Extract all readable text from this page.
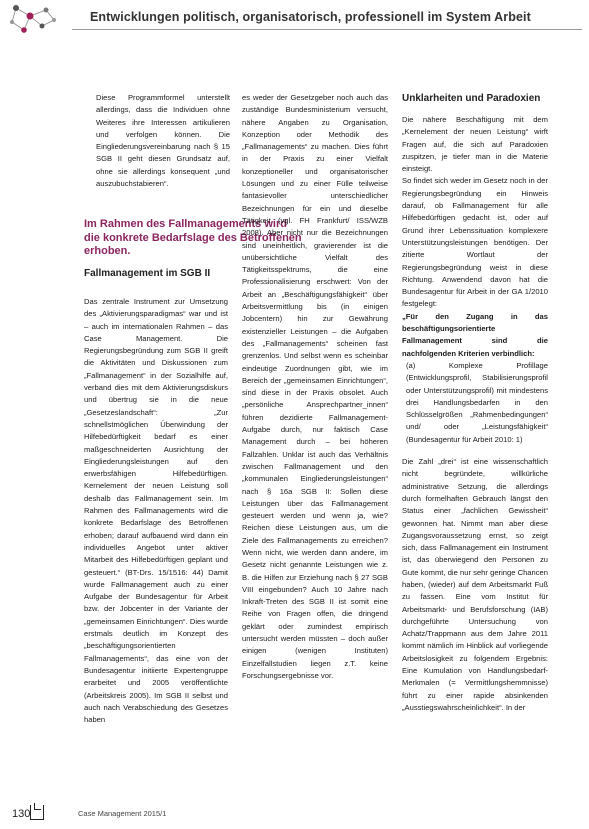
Entwicklungen politisch, organisatorisch, professionell im System Arbeit

Diese Programmformel unterstellt allerdings, dass die Individuen ohne Weiteres ihre Interessen artikulieren und verfolgen können. Die Eingliederungsvereinbarung nach § 15 SGB II geht diesen Grundsatz auf, ohne sie allerdings konsequent „und auszubuchstabieren“.

Im Rahmen des Fallmanagements wird die konkrete Bedarfslage des Betroffenen erhoben.
Fallmanagement im SGB II

Das zentrale Instrument zur Umsetzung des „Aktivierungsparadigmas“ war und ist – auch im internationalen Rahmen – das Case Management. Die Regierungsbegründung zum SGB II greift die Aktivitäten und Diskussionen zum „Fallmanagement“ in der Sozialhilfe auf, verband dies mit dem Aktivierungsdiskurs und übertrug sie in die neue „Gesetzeslandschaft“: „Zur schnellstmöglichen Überwindung der Hilfebedürftigkeit bedarf es einer maßgeschneiderten Ausrichtung der Eingliederungsleistungen auf den erwerbsfähigen Hilfebedürftigen. Kernelement der neuen Leistung soll deshalb das Fallmanagement sein. Im Rahmen des Fallmanagements wird die konkrete Bedarfslage des Betroffenen erhoben; darauf aufbauend wird dann ein individuelles Angebot unter aktiver Mitarbeit des Hilfebedürftigen geplant und gesteuert.“ (BT-Drs. 15/1516: 44) Damit wurde Fallmanagement auch zu einer Aufgabe der Bundesagentur für Arbeit bzw. der Jobcenter in der Variante der „gemeinsamen Einrichtungen“. Dies wurde erstmals deutlich im Konzept des „beschäftigungsorientierten Fallmanagements“, das eine von der Bundesagentur initiierte Expertengruppe erarbeitet und 2005 veröffentlichte (Arbeitskreis 2005). Im SGB II selbst und auch nach Verabschiedung des Gesetzes haben

es weder der Gesetzgeber noch auch das zuständige Bundesministerium versucht, nähere Angaben zu Organisation, Konzeption oder Methodik des „Fallmanagements“ zu machen. Dies führt in der Praxis zu einer Vielfalt konzeptioneller und organisatorischer Lösungen und zu einer Fülle teilweise fantasievoller unterschiedlicher Bezeichnungen für ein und dieselbe Tätigkeit (vgl. FH Frankfurt/ ISS/WZB 2008). Aber nicht nur die Bezeichnungen sind uneinheitlich, gravierender ist die unübersichtliche Vielfalt des Tätigkeitsspektrums, die eine Professionalisierung erschwert: Von der Arbeit an „Beschäftigungsfähigkeit“ über Arbeitsvermittlung bis (in einigen Jobcentern) hin zur Gewährung existenzieller Leistungen – die Aufgaben des „Fallmanagements“ scheinen fast grenzenlos. Und selbst wenn es scheinbar eindeutige Zuordnungen gibt, wie im Bereich der „gemeinsamen Einrichtungen“, sind diese in der Praxis obsolet. Auch „persönliche Ansprechpartner_innen“ führen dezidierte Fallmanagement-Aufgabe durch, nur faktisch Case Management durch – bei höheren Fallzahlen. Unklar ist auch das Verhältnis zwischen Fallmanagement und den „kommunalen Eingliederungsleistungen“ nach § 16a SGB II: Sollen diese Leistungen über das Fallmanagement gesteuert werden und wenn ja, wie? Reichen diese Leistungen aus, um die Ziele des Fallmanagements zu erreichen? Wenn nicht, wie werden dann andere, im Gesetz nicht genannte Leistungen wie z. B. die Hilfen zur Erziehung nach § 27 SGB VIII eingebunden? Auch 10 Jahre nach Inkraft-Treten des SGB II ist somit eine Reihe von Fragen offen, die dringend geklärt oder zumindest empirisch untersucht werden müssten – doch außer einigen (wenigen Instituten) Einzelfallstudien liegen z.T. keine Forschungsergebnisse vor.

Unklarheiten und Paradoxien

Die nähere Beschäftigung mit dem „Kernelement der neuen Leistung“ wirft Fragen auf, die sich auf Paradoxien zuspitzen, je tiefer man in die Materie einsteigt.

So findet sich weder im Gesetz noch in der Regierungsbegründung ein Hinweis darauf, ob Fallmanagement für alle Hilfebedürftigen gedacht ist, oder auf Grund ihrer Lebenssituation komplexere Unterstützungsleistungen benötigen. Der zitierte Wortlaut der Regierungsbegründung weist in diese Richtung. Anwendend davon hat die Bundesagentur für Arbeit in der GA 1/2010 festgelegt:

„Für den Zugang in das beschäftigungsorientierte Fallmanagement sind die nachfolgenden Kriterien verbindlich:

(a) Komplexe Profillage (Entwicklungsprofil, Stabilisierungsprofil oder Unterstützungsprofil) mit mindestens drei Handlungsbedarfen in den Schlüsselgrößen „Rahmenbedingungen“ und/ oder „Leistungsfähigkeit“ (Bundesagentur für Arbeit 2010: 1)

Die Zahl „drei“ ist eine wissenschaftlich nicht begründete, willkürliche administrative Setzung, die allerdings durch formelhaften Gebrauch längst den Status einer „fachlichen Gewissheit“ gewonnen hat. Nimmt man aber diese Zugangsvoraussetzung ernst, so zeigt sich, dass Fallmanagement ein Instrument ist, das überwiegend den Personen zu Gute kommt, die nur sehr geringe Chancen haben, (wieder) auf dem Arbeitsmarkt Fuß zu fassen. Eine vom Institut für Arbeitsmarkt- und Berufsforschung (IAB) durchgeführte Untersuchung von Achatz/Trappmann aus dem Jahre 2011 kommt nämlich im Hinblick auf vorliegende Arbeitslosigkeit zu folgendem Ergebnis: Eine Kumulation von Handlungsbedarf-Merkmalen (= Vermittlungshemmnisse) führt zu einer rapide absinkenden „Ausstiegswahrscheinlichkeit“. In der

130	Case Management 2015/1
